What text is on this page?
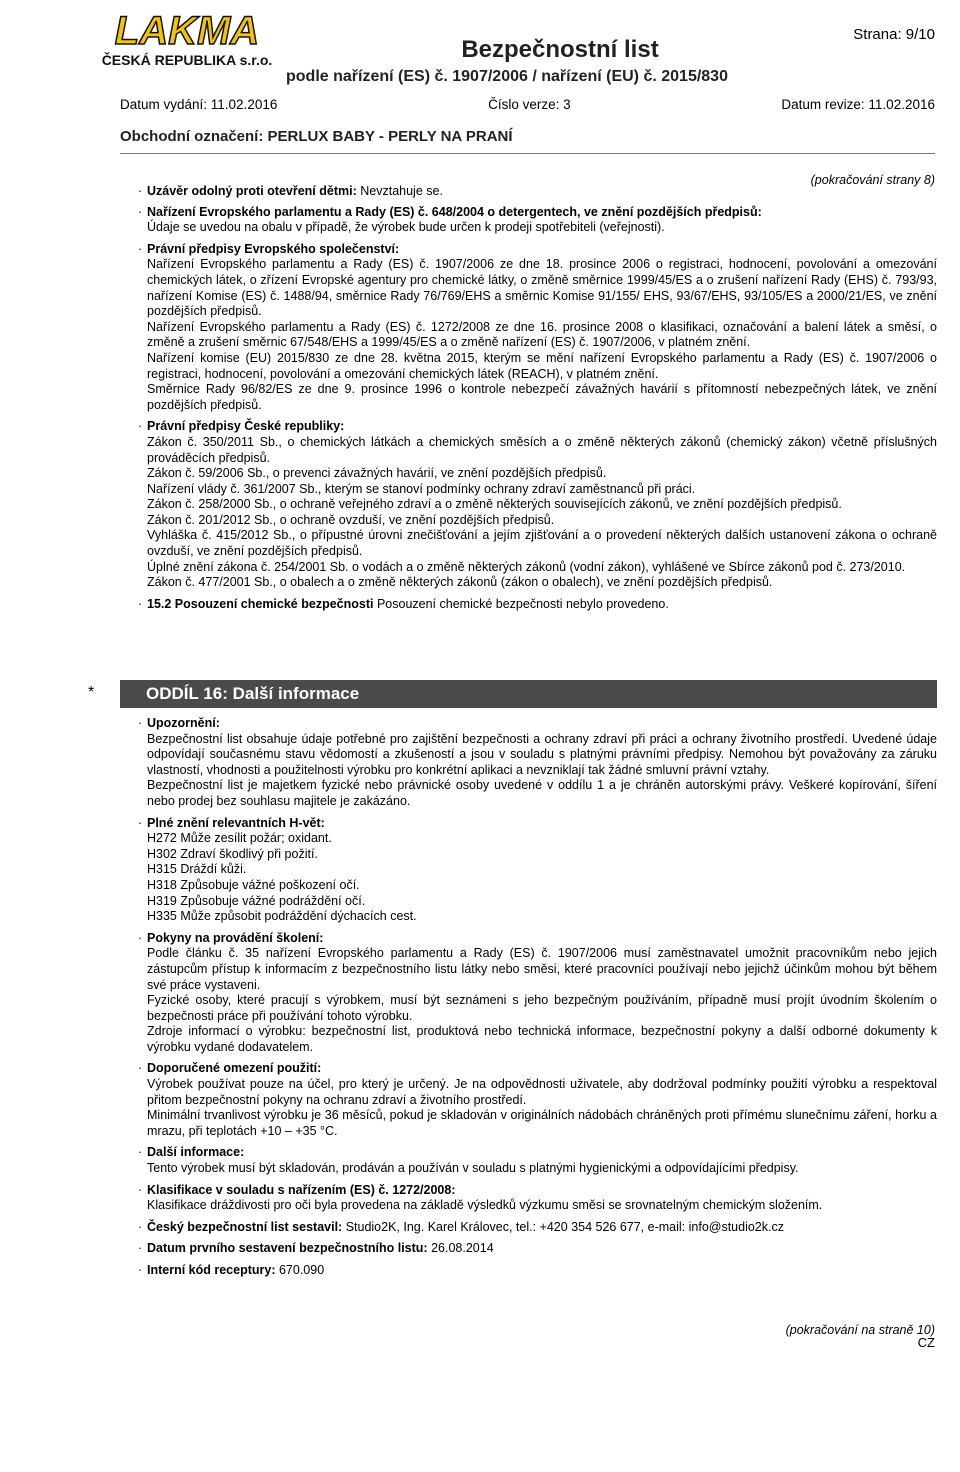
LAKMA
ČESKÁ REPUBLIKA s.r.o.
Strana: 9/10
Bezpečnostní list
podle nařízení (ES) č. 1907/2006 / nařízení (EU) č. 2015/830
Datum vydání: 11.02.2016	Číslo verze: 3	Datum revize: 11.02.2016
Obchodní označení: PERLUX BABY - PERLY NA PRANÍ
(pokračování strany 8)
· Uzávěr odolný proti otevření dětmi: Nevztahuje se.
· Nařízení Evropského parlamentu a Rady (ES) č. 648/2004 o detergentech, ve znění pozdějších předpisů:
Údaje se uvedou na obalu v případě, že výrobek bude určen k prodeji spotřebiteli (veřejnosti).
· Právní předpisy Evropského společenství:
Nařízení Evropského parlamentu a Rady (ES) č. 1907/2006 ze dne 18. prosince 2006 o registraci, hodnocení, povolování a omezování chemických látek, o zřízení Evropské agentury pro chemické látky, o změně směrnice 1999/45/ES a o zrušení nařízení Rady (EHS) č. 793/93, nařízení Komise (ES) č. 1488/94, směrnice Rady 76/769/EHS a směrnic Komise 91/155/ EHS, 93/67/EHS, 93/105/ES a 2000/21/ES, ve znění pozdějších předpisů.
Nařízení Evropského parlamentu a Rady (ES) č. 1272/2008 ze dne 16. prosince 2008 o klasifikaci, označování a balení látek a směsí, o změně a zrušení směrnic 67/548/EHS a 1999/45/ES a o změně nařízení (ES) č. 1907/2006, v platném znění.
Nařízení komise (EU) 2015/830 ze dne 28. května 2015, kterým se mění nařízení Evropského parlamentu a Rady (ES) č. 1907/2006 o registraci, hodnocení, povolování a omezování chemických látek (REACH), v platném znění.
Směrnice Rady 96/82/ES ze dne 9. prosince 1996 o kontrole nebezpečí závažných havárií s přítomností nebezpečných látek, ve znění pozdějších předpisů.
· Právní předpisy České republiky:
Zákon č. 350/2011 Sb., o chemických látkách a chemických směsích a o změně některých zákonů (chemický zákon) včetně příslušných prováděcích předpisů.
Zákon č. 59/2006 Sb., o prevenci závažných havárií, ve znění pozdějších předpisů.
Nařízení vlády č. 361/2007 Sb., kterým se stanoví podmínky ochrany zdraví zaměstnanců při práci.
Zákon č. 258/2000 Sb., o ochraně veřejného zdraví a o změně některých souvisejících zákonů, ve znění pozdějších předpisů.
Zákon č. 201/2012 Sb., o ochraně ovzduší, ve znění pozdějších předpisů.
Vyhláška č. 415/2012 Sb., o přípustné úrovni znečišťování a jejím zjišťování a o provedení některých dalších ustanovení zákona o ochraně ovzduší, ve znění pozdějších předpisů.
Úplné znění zákona č. 254/2001 Sb. o vodách a o změně některých zákonů (vodní zákon), vyhlášené ve Sbírce zákonů pod č. 273/2010.
Zákon č. 477/2001 Sb., o obalech a o změně některých zákonů (zákon o obalech), ve znění pozdějších předpisů.
· 15.2 Posouzení chemické bezpečnosti Posouzení chemické bezpečnosti nebylo provedeno.
*	ODDÍL 16: Další informace
· Upozornění:
Bezpečnostní list obsahuje údaje potřebné pro zajištění bezpečnosti a ochrany zdraví při práci a ochrany životního prostředí. Uvedené údaje odpovídají současnému stavu vědomostí a zkušeností a jsou v souladu s platnými právními předpisy. Nemohou být považovány za záruku vlastností, vhodnosti a použitelnosti výrobku pro konkrétní aplikaci a nevzniklají tak žádné smluvní právní vztahy.
Bezpečnostní list je majetkem fyzické nebo právnické osoby uvedené v oddílu 1 a je chráněn autorskými právy. Veškeré kopírování, šíření nebo prodej bez souhlasu majitele je zakázáno.
· Plné znění relevantních H-vět:
H272 Může zesílit požár; oxidant.
H302 Zdraví škodlivý při požití.
H315 Dráždí kůži.
H318 Způsobuje vážné poškození očí.
H319 Způsobuje vážné podráždění očí.
H335 Může způsobit podráždění dýchacích cest.
· Pokyny na provádění školení:
Podle článku č. 35 nařízení Evropského parlamentu a Rady (ES) č. 1907/2006 musí zaměstnavatel umožnit pracovníkům nebo jejich zástupcům přístup k informacím z bezpečnostního listu látky nebo směsi, které pracovníci používají nebo jejichž účinkům mohou být během své práce vystaveni.
Fyzické osoby, které pracují s výrobkem, musí být seznámeni s jeho bezpečným používáním, případně musí projít úvodním školením o bezpečnosti práce při používání tohoto výrobku.
Zdroje informací o výrobku: bezpečnostní list, produktová nebo technická informace, bezpečnostní pokyny a další odborné dokumenty k výrobku vydané dodavatelem.
· Doporučené omezení použití:
Výrobek používat pouze na účel, pro který je určený. Je na odpovědnosti uživatele, aby dodržoval podmínky použití výrobku a respektoval přitom bezpečnostní pokyny na ochranu zdraví a životního prostředí.
Minimální trvanlivost výrobku je 36 měsíců, pokud je skladován v originálních nádobách chráněných proti přímému slunečnímu záření, horku a mrazu, při teplotách +10 – +35 °C.
· Další informace:
Tento výrobek musí být skladován, prodáván a používán v souladu s platnými hygienickými a odpovídajícími předpisy.
· Klasifikace v souladu s nařízením (ES) č. 1272/2008:
Klasifikace dráždivosti pro oči byla provedena na základě výsledků výzkumu směsi se srovnatelným chemickým složením.
· Český bezpečnostní list sestavil: Studio2K, Ing. Karel Královec, tel.: +420 354 526 677, e-mail: info@studio2k.cz
· Datum prvního sestavení bezpečnostního listu: 26.08.2014
· Interní kód receptury: 670.090
(pokračování na straně 10)
CZ
